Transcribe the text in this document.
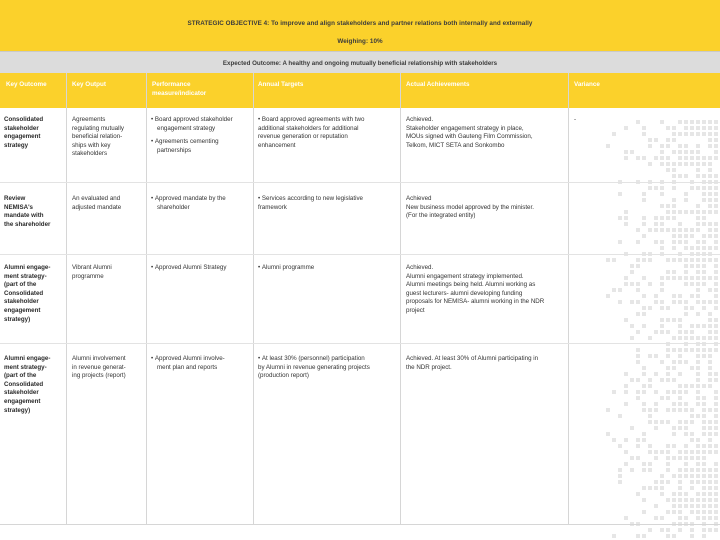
STRATEGIC OBJECTIVE 4: To improve and align stakeholders and partner relations both internally and externally
Weighing: 10%
Expected Outcome: A healthy and ongoing mutually beneficial relationship with stakeholders
Key Outcome	Key Output	Performance
measure/indicator
Annual Targets	Actual Achievements	Variance
Consolidated
stakeholder
engagement
strategy
Agreements
regulating mutually
beneficial relation-
ships with key
stakeholders
• Board approved stakeholder
engagement strategy
• Agreements cementing
partnerships
• Board approved agreements with two
additional stakeholders for additional
revenue generation or reputation
enhancement
Achieved.
Stakeholder engagement strategy in place,
MOUs signed with Gauteng Film Commission,
Telkom, MICT SETA and Sonkombo
-
Review
NEMISA's
mandate with
the shareholder
An evaluated and
adjusted mandate
• Approved mandate by the
shareholder
• Services according to new legislative
framework
Achieved
New business model approved by the minister.
(For the integrated entity)
Alumni engage-
ment strategy-
(part of the
Consolidated
stakeholder
engagement
strategy)
Vibrant Alumni
programme
• Approved Alumni Strategy
•	Alumni programme	Achieved.
Alumni engagement strategy implemented.
Alumni meetings being held. Alumni working as
guest lecturers- alumni developing funding
proposals for NEMISA- alumni working in the NDR
project
Alumni engage-
ment strategy-
(part of the
Consolidated
stakeholder
engagement
strategy)
Alumni involvement
in revenue generat-
ing projects (report)
• Approved Alumni involve-
ment plan and reports
• At least 30% (personnel) participation
by Alumni in revenue generating projects
(production report)
Achieved. At least 30% of Alumni participating in
the NDR project.
